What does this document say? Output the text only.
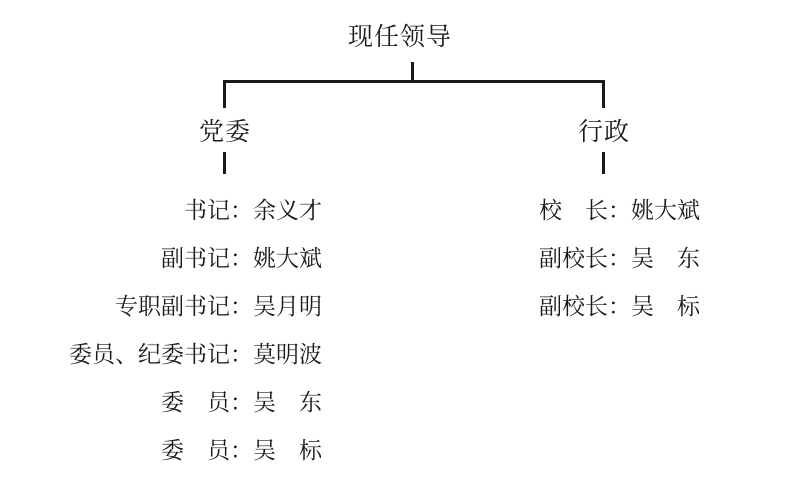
现任领导
党委	行政
书记：余义才
副书记：姚大斌
专职副书记：吴月明
委员、纪委书记：莫明波
委　员：吴　东
委　员：吴　标
校　长：姚大斌
副校长：吴　东
副校长：吴　标
